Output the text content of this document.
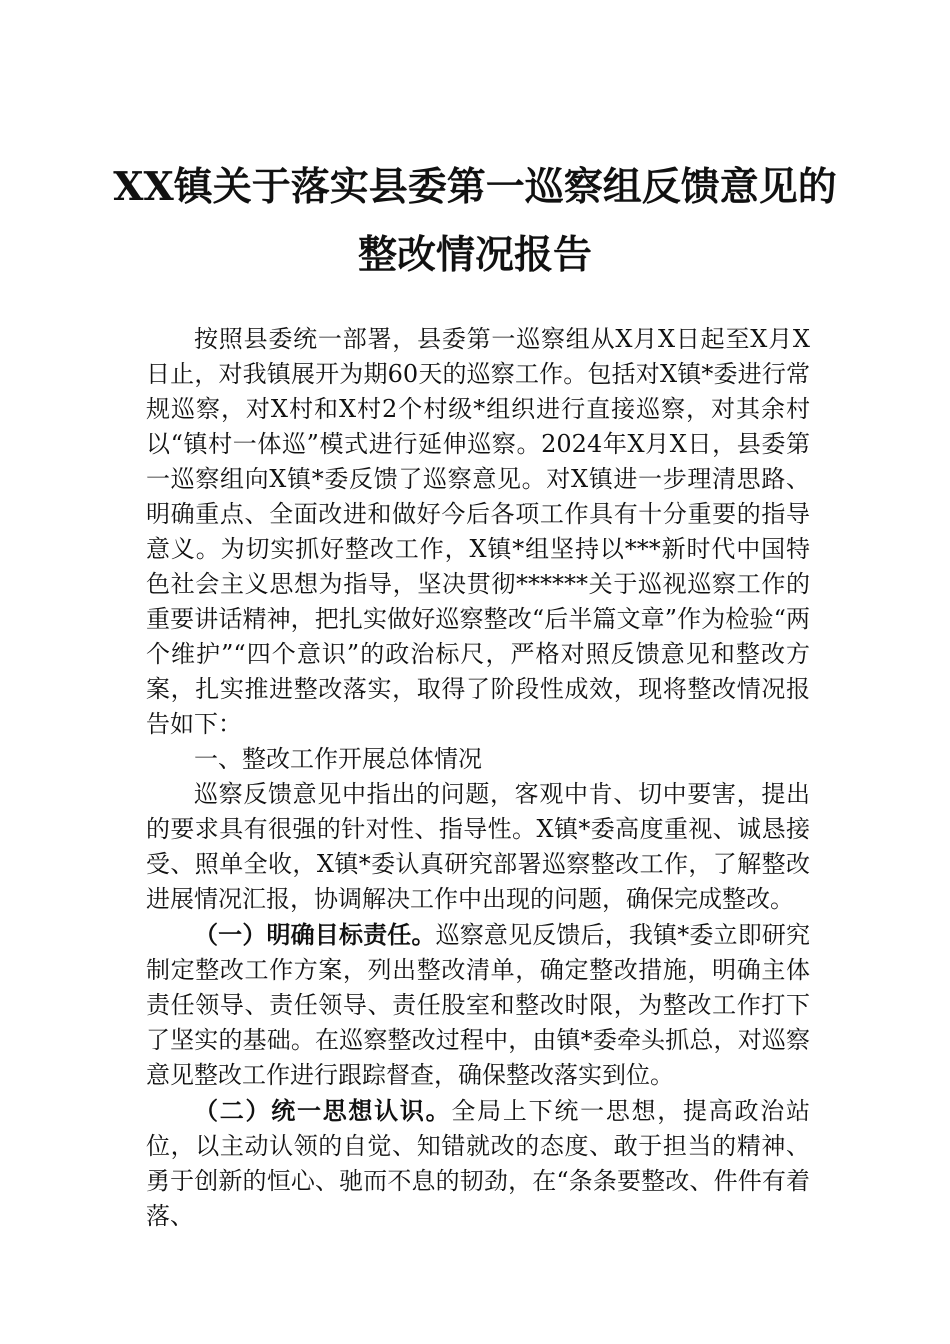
XX镇关于落实县委第一巡察组反馈意见的
整改情况报告

按照县委统一部署，县委第一巡察组从X月X日起至X月X日止，对我镇展开为期60天的巡察工作。包括对X镇*委进行常规巡察，对X村和X村2个村级*组织进行直接巡察，对其余村以“镇村一体巡”模式进行延伸巡察。2024年X月X日，县委第一巡察组向X镇*委反馈了巡察意见。对X镇进一步理清思路、明确重点、全面改进和做好今后各项工作具有十分重要的指导意义。为切实抓好整改工作，X镇*组坚持以***新时代中国特色社会主义思想为指导，坚决贯彻******关于巡视巡察工作的重要讲话精神，把扎实做好巡察整改“后半篇文章”作为检验“两个维护”“四个意识”的政治标尺，严格对照反馈意见和整改方案，扎实推进整改落实，取得了阶段性成效，现将整改情况报告如下：

一、整改工作开展总体情况

巡察反馈意见中指出的问题，客观中肯、切中要害，提出的要求具有很强的针对性、指导性。X镇*委高度重视、诚恳接受、照单全收，X镇*委认真研究部署巡察整改工作，了解整改进展情况汇报，协调解决工作中出现的问题，确保完成整改。

（一）明确目标责任。巡察意见反馈后，我镇*委立即研究制定整改工作方案，列出整改清单，确定整改措施，明确主体责任领导、责任领导、责任股室和整改时限，为整改工作打下了坚实的基础。在巡察整改过程中，由镇*委牵头抓总，对巡察意见整改工作进行跟踪督查，确保整改落实到位。

（二）统一思想认识。全局上下统一思想，提高政治站位，以主动认领的自觉、知错就改的态度、敢于担当的精神、勇于创新的恒心、驰而不息的韧劲，在“条条要整改、件件有着落、
